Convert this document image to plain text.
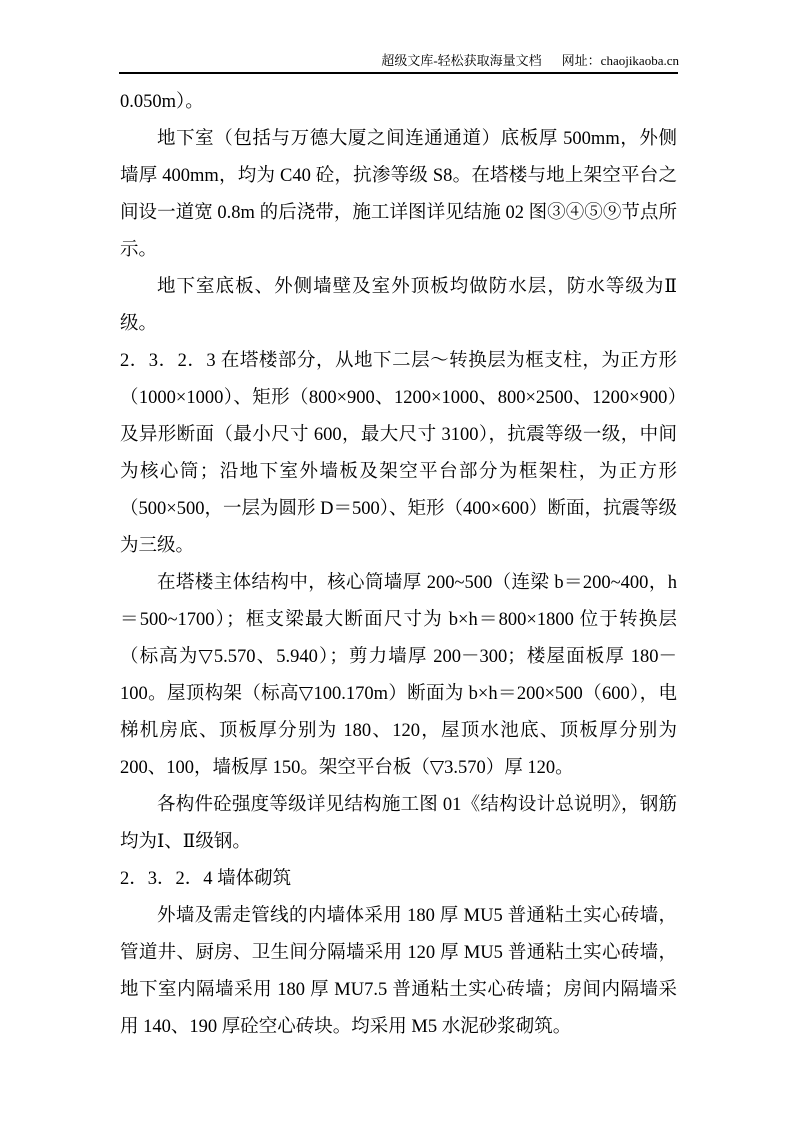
超级文库-轻松获取海量文档 网址：chaojikaoba.cn

0.050m）。

地下室（包括与万德大厦之间连通通道）底板厚 500mm，外侧墙厚 400mm，均为 C40 砼，抗渗等级 S8。在塔楼与地上架空平台之间设一道宽 0.8m 的后浇带，施工详图详见结施 02 图③④⑤⑨节点所示。

地下室底板、外侧墙壁及室外顶板均做防水层，防水等级为Ⅱ级。

2．3．2．3 在塔楼部分，从地下二层～转换层为框支柱，为正方形（1000×1000）、矩形（800×900、1200×1000、800×2500、1200×900）及异形断面（最小尺寸 600，最大尺寸 3100），抗震等级一级，中间为核心筒；沿地下室外墙板及架空平台部分为框架柱，为正方形（500×500，一层为圆形 D＝500）、矩形（400×600）断面，抗震等级为三级。

在塔楼主体结构中，核心筒墙厚 200~500（连梁 b＝200~400，h＝500~1700）；框支梁最大断面尺寸为 b×h＝800×1800 位于转换层（标高为▽5.570、5.940）；剪力墙厚 200－300；楼屋面板厚 180－100。屋顶构架（标高▽100.170m）断面为 b×h＝200×500（600），电梯机房底、顶板厚分别为 180、120，屋顶水池底、顶板厚分别为 200、100，墙板厚 150。架空平台板（▽3.570）厚 120。

各构件砼强度等级详见结构施工图 01《结构设计总说明》，钢筋均为Ⅰ、Ⅱ级钢。

2．3．2．4 墙体砌筑

外墙及需走管线的内墙体采用 180 厚 MU5 普通粘土实心砖墙，管道井、厨房、卫生间分隔墙采用 120 厚 MU5 普通粘土实心砖墙，地下室内隔墙采用 180 厚 MU7.5 普通粘土实心砖墙；房间内隔墙采用 140、190 厚砼空心砖块。均采用 M5 水泥砂浆砌筑。
